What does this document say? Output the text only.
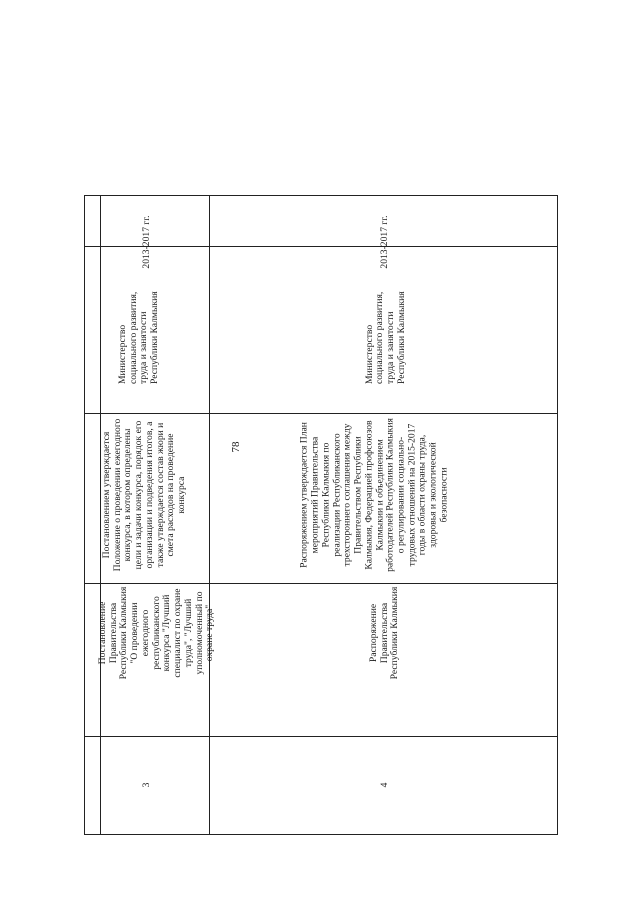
78
2013-2017 гг.
Министерство социального развития, труда и занятости Республики Калмыкия
Постановлением утверждается Положение о проведении ежегодного конкурса, в котором определены цели и задачи конкурса, порядок его организации и подведения итогов, а также утверждается состав жюри и смета расходов на проведение конкурса
Постановление Правительства Республики Калмыкия "О проведении ежегодного республиканского конкурса "Лучший специалист по охране труда", "Лучший уполномоченный по охране труда"
3
2013-2017 гг.
Министерство социального развития, труда и занятости Республики Калмыкия
Распоряжением утверждается План мероприятий Правительства Республики Калмыкия по реализации Республиканского трехстороннего соглашения между Правительством Республики Калмыкия, Федерацией профсоюзов Калмыкии и объединением работодателей Республики Калмыкия о регулировании социально-трудовых отношений на 2015-2017 годы в области охраны труда, здоровья и экологической безопасности
Распоряжение Правительства Республики Калмыкия
4
